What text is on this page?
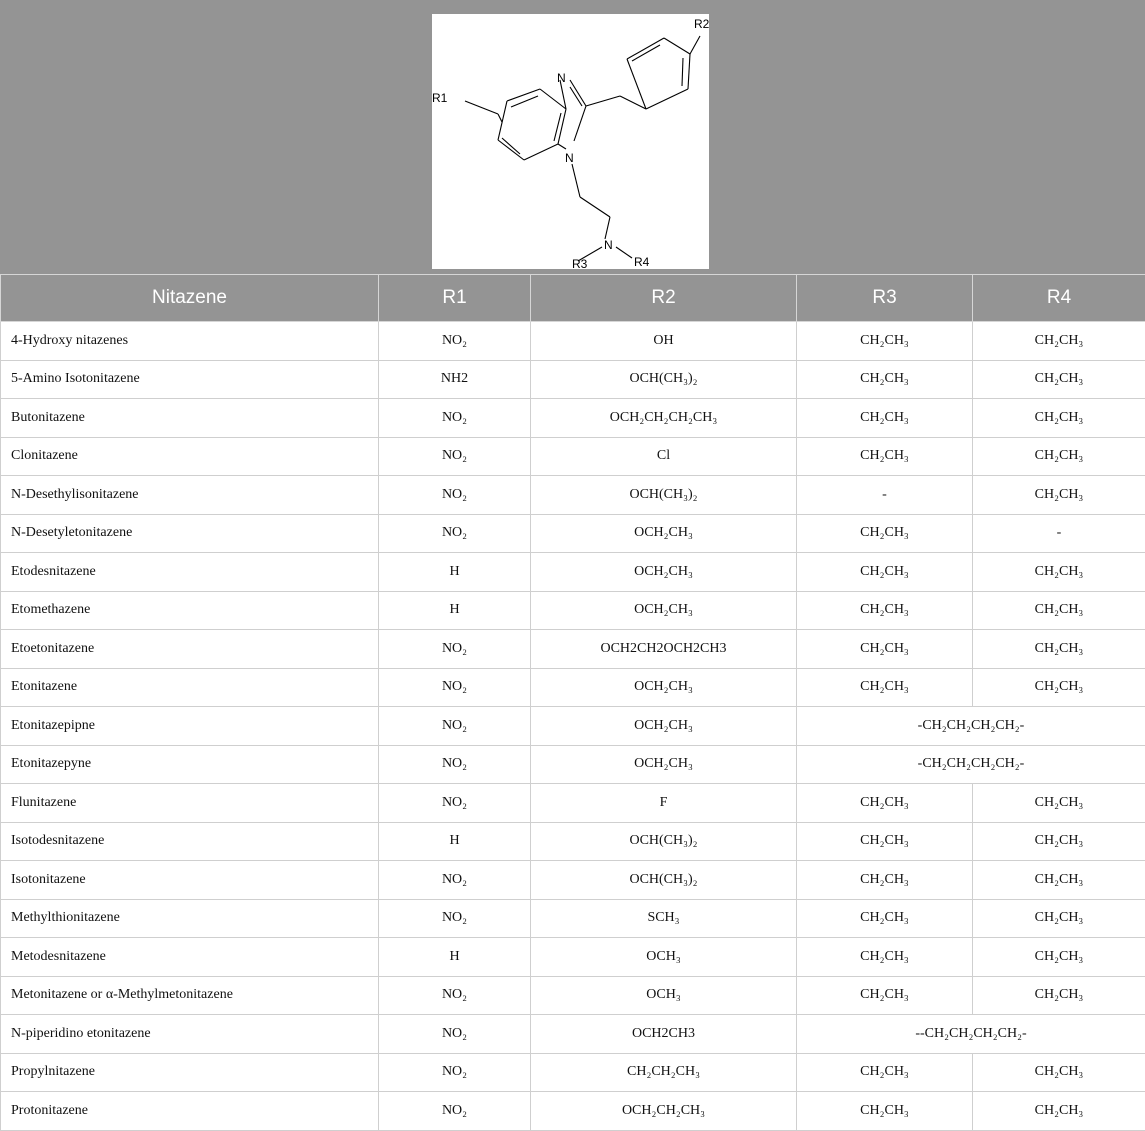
N
N
N
R1
R2
R3	R4
Nitazene	R1	R2	R3	R4
4-Hydroxy nitazenes	NO₂	OH	CH₂CH₃	CH₂CH₃
5-Amino Isotonitazene	NH2	OCH(CH₃)₂	CH₂CH₃	CH₂CH₃
Butonitazene	NO₂	OCH₂CH₂CH₂CH₃	CH₂CH₃	CH₂CH₃
Clonitazene	NO₂	Cl	CH₂CH₃	CH₂CH₃
N-Desethylisonitazene	NO₂	OCH(CH₃)₂	-	CH₂CH₃
N-Desetyletonitazene	NO₂	OCH₂CH₃	CH₂CH₃	-
Etodesnitazene	H	OCH₂CH₃	CH₂CH₃	CH₂CH₃
Etomethazene	H	OCH₂CH₃	CH₂CH₃	CH₂CH₃
Etoetonitazene	NO₂	OCH2CH2OCH2CH3	CH₂CH₃	CH₂CH₃
Etonitazene	NO₂	OCH₂CH₃	CH₂CH₃	CH₂CH₃
Etonitazepipne	NO₂	OCH₂CH₃	-CH₂CH₂CH₂CH₂-	
Etonitazepyne	NO₂	OCH₂CH₃	-CH₂CH₂CH₂CH₂-	
Flunitazene	NO₂	F	CH₂CH₃	CH₂CH₃
Isotodesnitazene	H	OCH(CH₃)₂	CH₂CH₃	CH₂CH₃
Isotonitazene	NO₂	OCH(CH₃)₂	CH₂CH₃	CH₂CH₃
Methylthionitazene	NO₂	SCH₃	CH₂CH₃	CH₂CH₃
Metodesnitazene	H	OCH₃	CH₂CH₃	CH₂CH₃
Metonitazene or α-Methylmetonitazene	NO₂	OCH₃	CH₂CH₃	CH₂CH₃
N-piperidino etonitazene	NO₂	OCH2CH3	--CH₂CH₂CH₂CH₂-	
Propylnitazene	NO₂	CH₂CH₂CH₃	CH₂CH₃	CH₂CH₃
Protonitazene	NO₂	OCH₂CH₂CH₃	CH₂CH₃	CH₂CH₃
